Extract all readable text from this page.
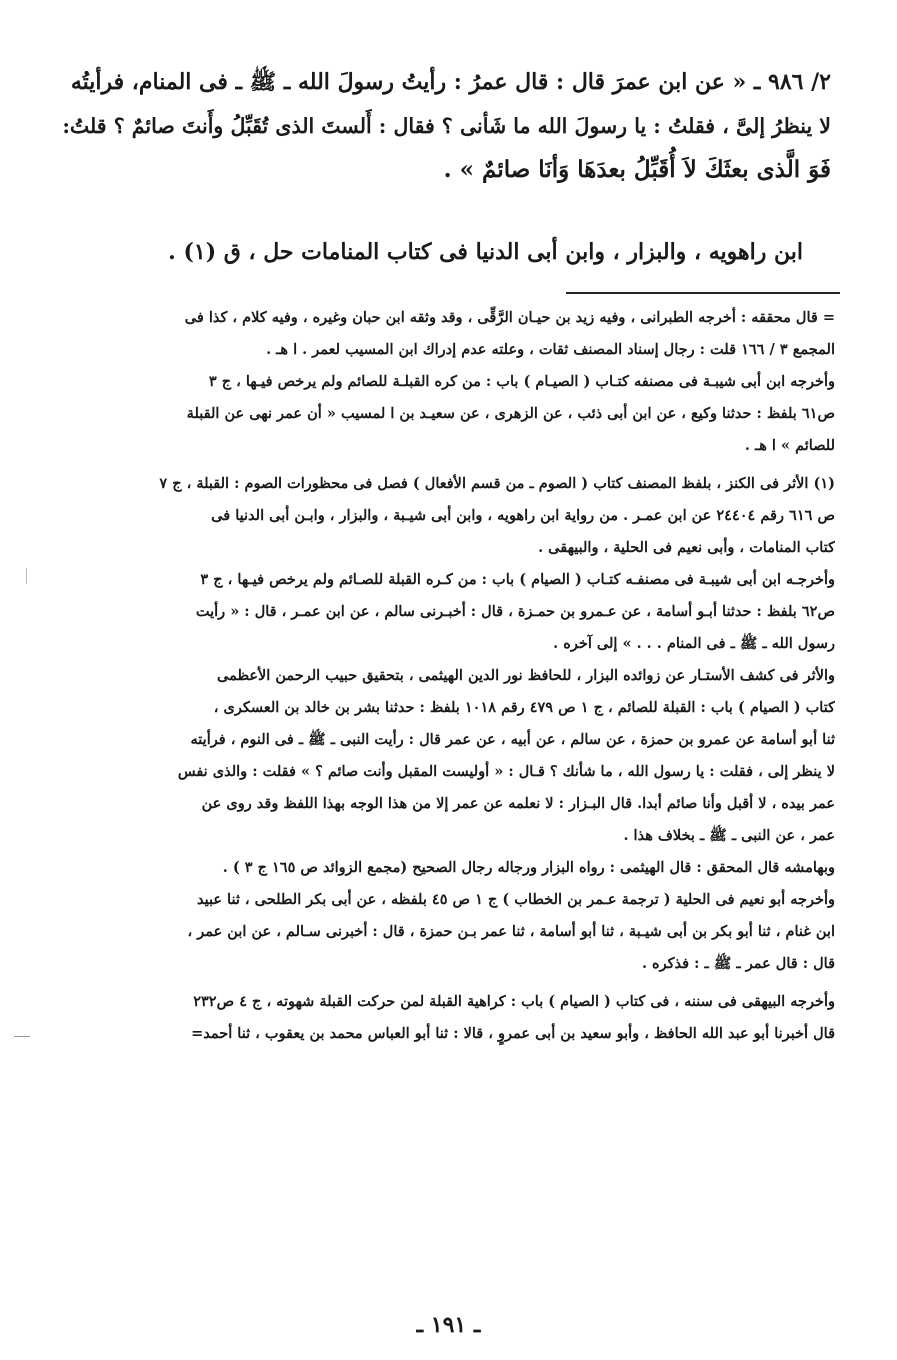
٢/ ٩٨٦ ـ « عن ابن عمرَ قال : قال عمرُ : رأيتُ رسولَ الله ـ ﷺ ـ فى المنام، فرأيتُه

لا ينظرُ إلىَّ ، فقلتُ : يا رسولَ الله ما شَأنى ؟ فقال : أَلستَ الذى تُقَبِّلُ وأَنتَ صائمٌ ؟ قلتُ:

فَوَ الَّذى بعثَكَ لاَ أُقَبِّلُ بعدَهَا وَأنَا صائمٌ » .

ابن راهويه ، والبزار ، وابن أبى الدنيا فى كتاب المنامات حل ، ق (١) .

= قال محققه : أخرجه الطبرانى ، وفيه زيد بن حيـان الرَّقِّى ، وقد وثقه ابن حبان وغيره ، وفيه كلام ، كذا فى

المجمع ٣ / ١٦٦ قلت : رجال إسناد المصنف ثقات ، وعلته عدم إدراك ابن المسيب لعمر . ا هـ .

وأخرجه ابن أبى شيبـة فى مصنفه كتـاب ( الصيـام ) باب : من كره القبلـة للصائم ولم يرخص فيـها ، ج ٣

ص٦١ بلفظ : حدثنا وكيع ، عن ابن أبى ذئب ، عن الزهرى ، عن سعيـد بن ا لمسيب « أن عمر نهى عن القبلة

للصائم » ا هـ .

(١) الأثر فى الكنز ، بلفظ المصنف كتاب ( الصوم ـ من قسم الأفعال ) فصل فى محظورات الصوم : القبلة ، ج ٧

ص ٦١٦ رقم ٢٤٤٠٤ عن ابن عمـر . من رواية ابن راهويه ، وابن أبى شيـبة ، والبزار ، وابـن أبى الدنيا فى

كتاب المنامات ، وأبى نعيم فى الحلية ، والبيهقى .

وأخرجـه ابن أبى شيبـة فى مصنفـه كتـاب ( الصيام ) باب : من كـره القبلة للصـائم ولم يرخص فيـها ، ج ٣

ص٦٢ بلفظ : حدثنا أبـو أسامة ، عن عـمرو بن حمـزة ، قال : أخبـرنى سالم ، عن ابن عمـر ، قال : « رأيت

رسول الله ـ ﷺ ـ فى المنام . . . » إلى آخره .

والأثر فى كشف الأستـار عن زوائده البزار ، للحافظ نور الدين الهيثمى ، بتحقيق حبيب الرحمن الأعظمى

كتاب ( الصيام ) باب : القبلة للصائم ، ج ١ ص ٤٧٩ رقم ١٠١٨ بلفظ : حدثنا بشر بن خالد بن العسكرى ،

ثنا أبو أسامة عن عمرو بن حمزة ، عن سالم ، عن أبيه ، عن عمر قال : رأيت النبى ـ ﷺ ـ فى النوم ، فرأيته

لا ينظر إلى ، فقلت : يا رسول الله ، ما شأنك ؟ قـال : « أوليست المقبل وأنت صائم ؟ » فقلت : والذى نفس

عمر بيده ، لا أقبل وأنا صائم أبدا. قال البـزار : لا نعلمه عن عمر إلا من هذا الوجه بهذا اللفظ وقد روى عن

عمر ، عن النبى ـ ﷺ ـ بخلاف هذا .

وبهامشه قال المحقق : قال الهيثمى : رواه البزار ورجاله رجال الصحيح (مجمع الزوائد ص ١٦٥ ج ٣ ) .

وأخرجه أبو نعيم فى الحلية ( ترجمة عـمر بن الخطاب ) ج ١ ص ٤٥ بلفظه ، عن أبى بكر الطلحى ، ثنا عبيد

ابن غنام ، ثنا أبو بكر بن أبى شيـبة ، ثنا أبو أسامة ، ثنا عمر بـن حمزة ، قال : أخبرنى سـالم ، عن ابن عمر ،

قال : قال عمر ـ ﷺ ـ : فذكره .

وأخرجه البيهقى فى سننه ، فى كتاب ( الصيام ) باب : كراهية القبلة لمن حركت القبلة شهوته ، ج ٤ ص٢٣٢

قال أخبرنا أبو عبد الله الحافظ ، وأبو سعيد بن أبى عمروٍ ، قالا : ثنا أبو العباس محمد بن يعقوب ، ثنا أحمد=

ـ ١٩١ ـ
